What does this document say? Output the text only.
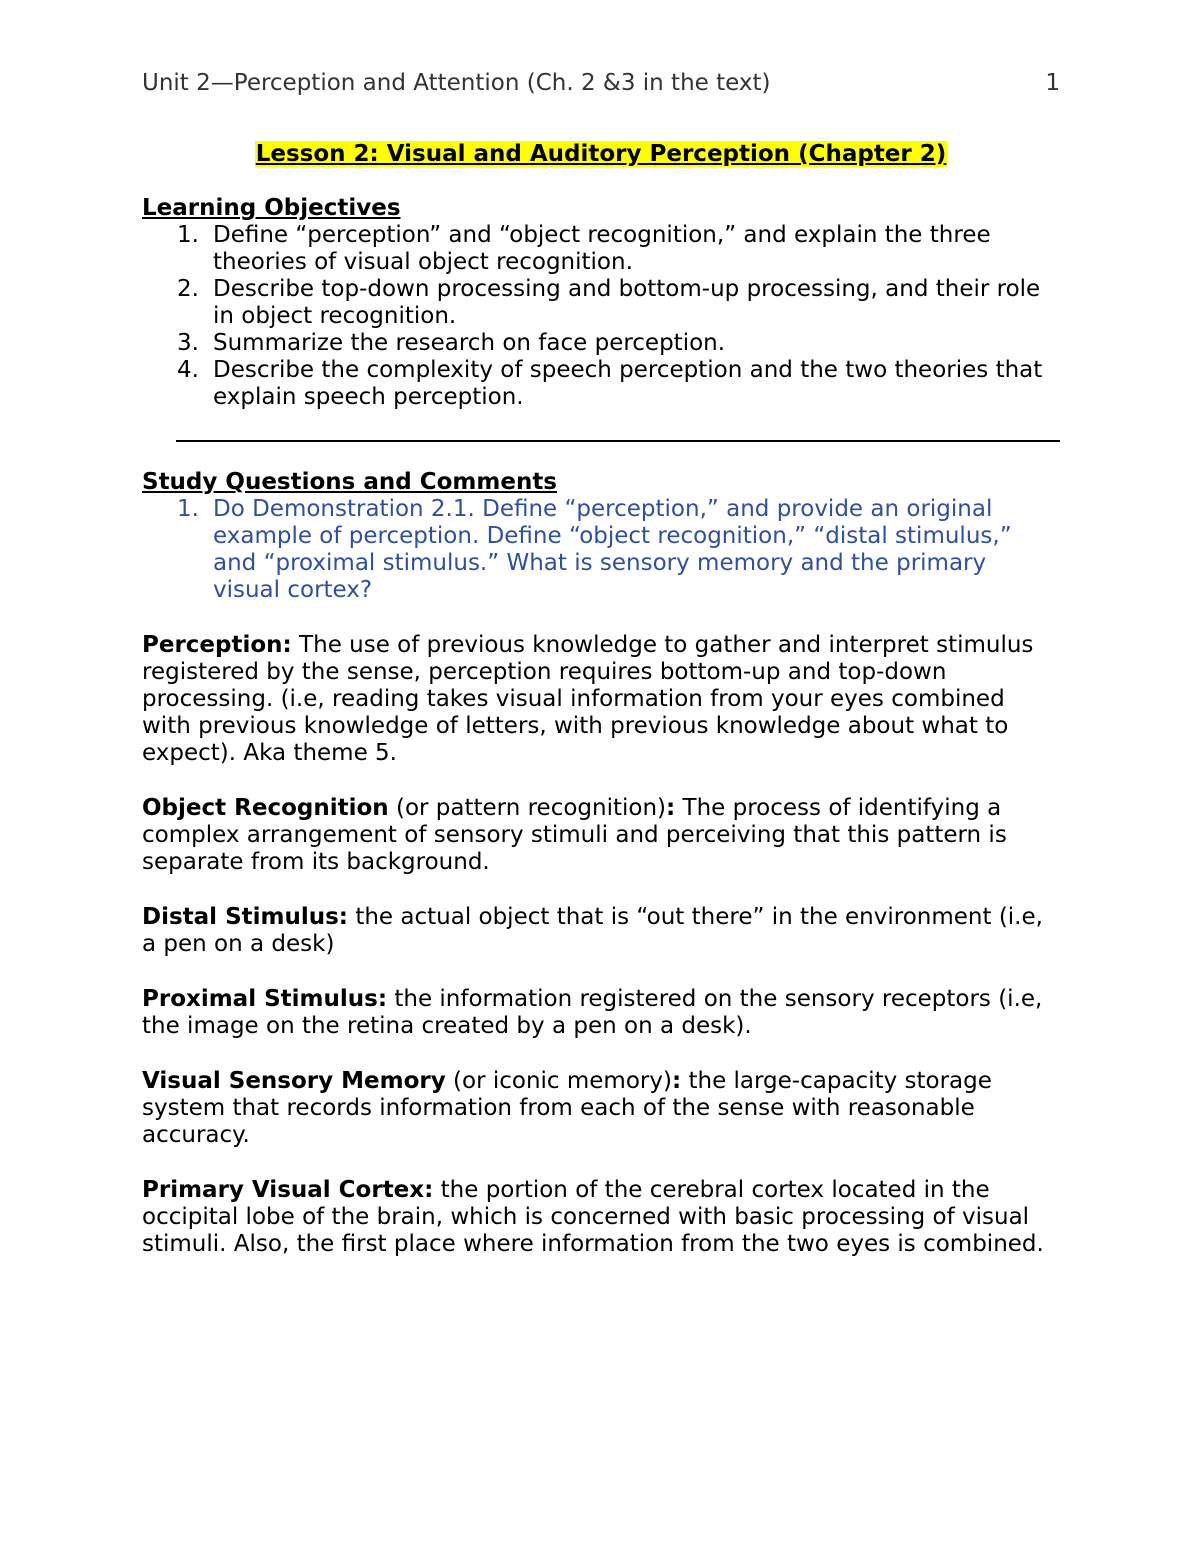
Unit 2—Perception and Attention (Ch. 2 &3 in the text)	1
Lesson 2: Visual and Auditory Perception (Chapter 2)
Learning Objectives
1. Define “perception” and “object recognition,” and explain the three theories of visual object recognition.
2. Describe top-down processing and bottom-up processing, and their role in object recognition.
3. Summarize the research on face perception.
4. Describe the complexity of speech perception and the two theories that explain speech perception.
Study Questions and Comments
1. Do Demonstration 2.1. Define “perception,” and provide an original example of perception. Define “object recognition,” “distal stimulus,” and “proximal stimulus.” What is sensory memory and the primary visual cortex?

Perception: The use of previous knowledge to gather and interpret stimulus registered by the sense, perception requires bottom-up and top-down processing. (i.e, reading takes visual information from your eyes combined with previous knowledge of letters, with previous knowledge about what to expect). Aka theme 5.

Object Recognition (or pattern recognition): The process of identifying a complex arrangement of sensory stimuli and perceiving that this pattern is separate from its background.

Distal Stimulus: the actual object that is “out there” in the environment (i.e, a pen on a desk)

Proximal Stimulus: the information registered on the sensory receptors (i.e, the image on the retina created by a pen on a desk).

Visual Sensory Memory (or iconic memory): the large-capacity storage system that records information from each of the sense with reasonable accuracy.

Primary Visual Cortex: the portion of the cerebral cortex located in the occipital lobe of the brain, which is concerned with basic processing of visual stimuli. Also, the first place where information from the two eyes is combined.
